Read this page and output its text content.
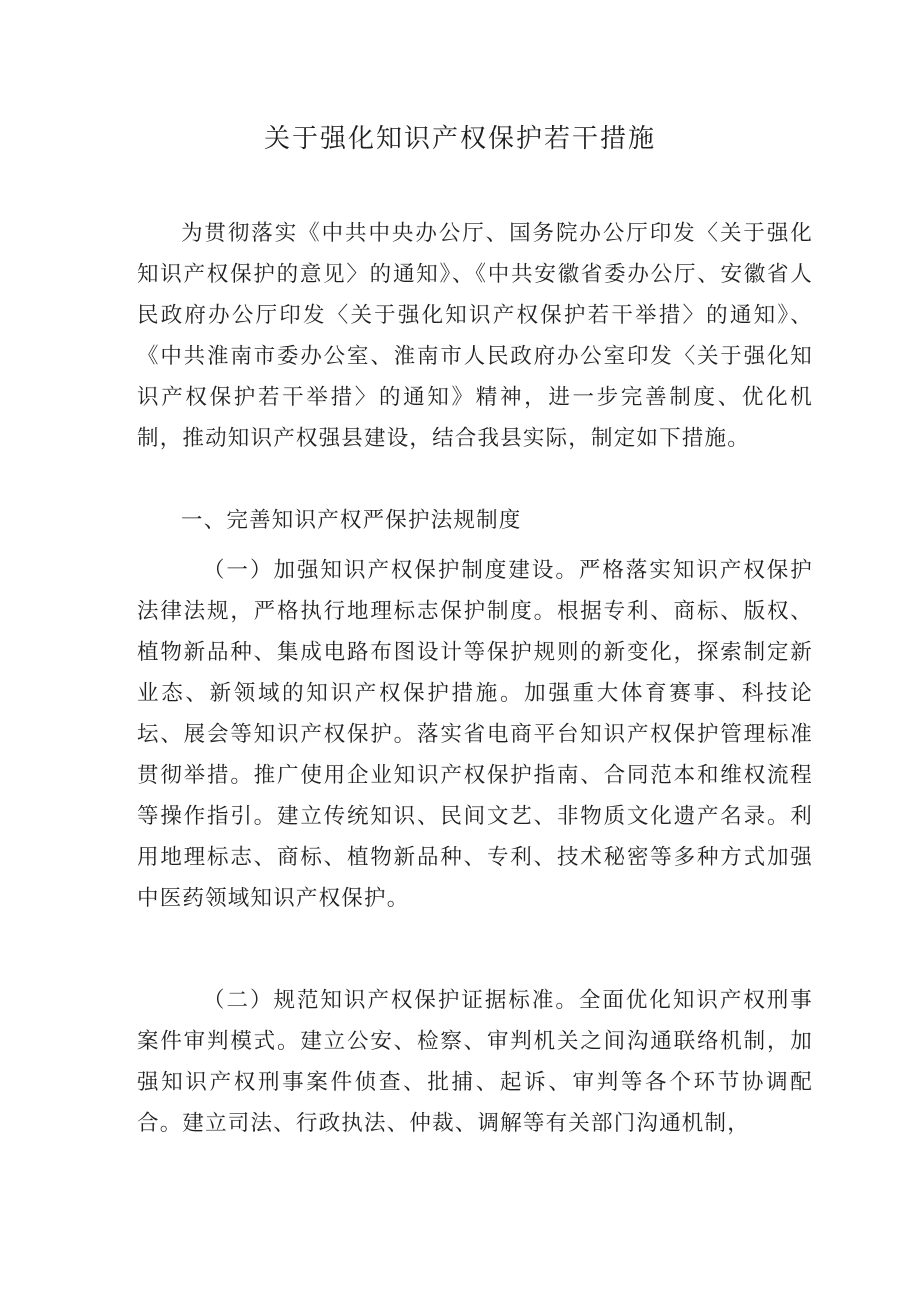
关于强化知识产权保护若干措施

为贯彻落实《中共中央办公厅、国务院办公厅印发〈关于强化知识产权保护的意见〉的通知》、《中共安徽省委办公厅、安徽省人民政府办公厅印发〈关于强化知识产权保护若干举措〉的通知》、《中共淮南市委办公室、淮南市人民政府办公室印发〈关于强化知识产权保护若干举措〉的通知》精神，进一步完善制度、优化机制，推动知识产权强县建设，结合我县实际，制定如下措施。

一、完善知识产权严保护法规制度

（一）加强知识产权保护制度建设。严格落实知识产权保护法律法规，严格执行地理标志保护制度。根据专利、商标、版权、植物新品种、集成电路布图设计等保护规则的新变化，探索制定新业态、新领域的知识产权保护措施。加强重大体育赛事、科技论坛、展会等知识产权保护。落实省电商平台知识产权保护管理标准贯彻举措。推广使用企业知识产权保护指南、合同范本和维权流程等操作指引。建立传统知识、民间文艺、非物质文化遗产名录。利用地理标志、商标、植物新品种、专利、技术秘密等多种方式加强中医药领域知识产权保护。

（二）规范知识产权保护证据标准。全面优化知识产权刑事案件审判模式。建立公安、检察、审判机关之间沟通联络机制，加强知识产权刑事案件侦查、批捕、起诉、审判等各个环节协调配合。建立司法、行政执法、仲裁、调解等有关部门沟通机制，
